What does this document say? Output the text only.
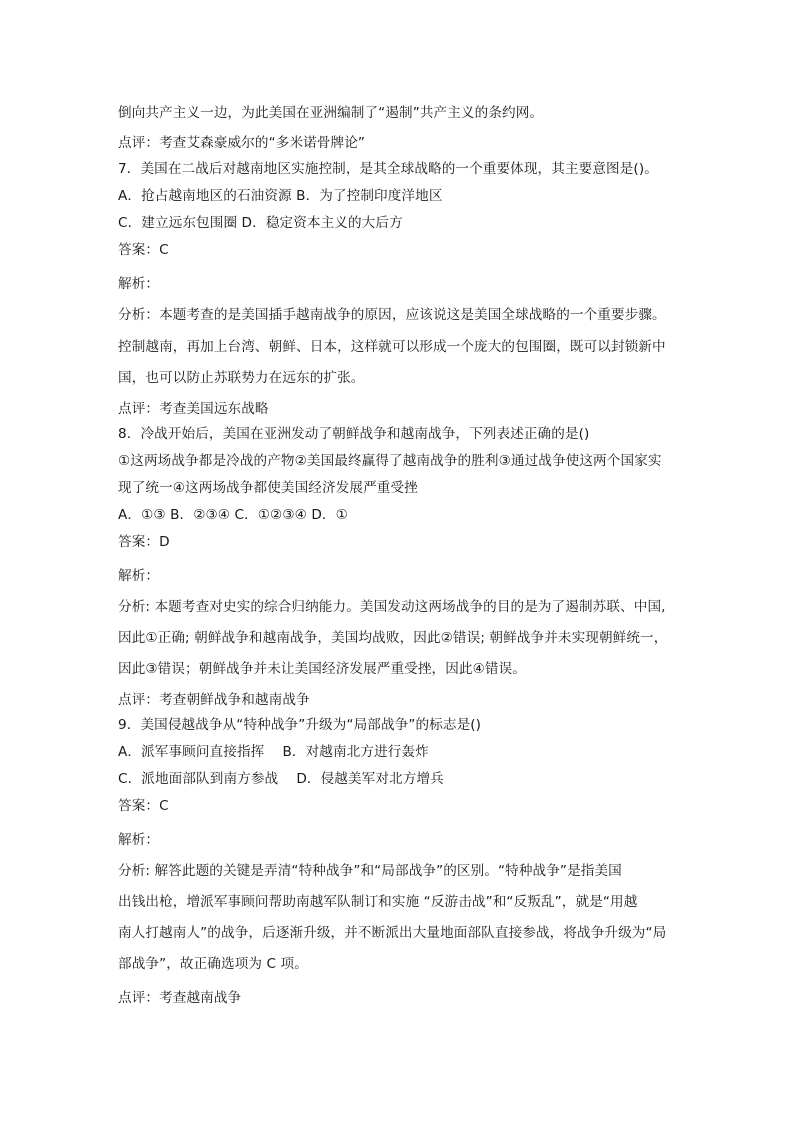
倒向共产主义一边，为此美国在亚洲编制了“遏制”共产主义的条约网。
点评：考查艾森豪威尔的“多米诺骨牌论”
7．美国在二战后对越南地区实施控制，是其全球战略的一个重要体现，其主要意图是()。
A．抢占越南地区的石油资源 B．为了控制印度洋地区
C．建立远东包围圈 D．稳定资本主义的大后方
答案：C
解析：
分析：本题考查的是美国插手越南战争的原因，应该说这是美国全球战略的一个重要步骤。
控制越南，再加上台湾、朝鲜、日本，这样就可以形成一个庞大的包围圈，既可以封锁新中
国，也可以防止苏联势力在远东的扩张。
点评：考查美国远东战略
8．冷战开始后，美国在亚洲发动了朝鲜战争和越南战争，下列表述正确的是()
①这两场战争都是冷战的产物②美国最终赢得了越南战争的胜利③通过战争使这两个国家实
现了统一④这两场战争都使美国经济发展严重受挫
A．①③ B．②③④ C．①②③④ D．①
答案：D
解析：
分析: 本题考查对史实的综合归纳能力。美国发动这两场战争的目的是为了遏制苏联、中国,
因此①正确; 朝鲜战争和越南战争，美国均战败，因此②错误; 朝鲜战争并未实现朝鲜统一，
因此③错误；朝鲜战争并未让美国经济发展严重受挫，因此④错误。
点评：考查朝鲜战争和越南战争
9．美国侵越战争从“特种战争”升级为“局部战争”的标志是()
A．派军事顾问直接指挥　 B．对越南北方进行轰炸
C．派地面部队到南方参战　 D．侵越美军对北方增兵
答案：C
解析：
分析: 解答此题的关键是弄清“特种战争”和“局部战争”的区别。“特种战争”是指美国
出钱出枪，增派军事顾问帮助南越军队制订和实施 “反游击战”和“反叛乱”，就是“用越
南人打越南人”的战争，后逐渐升级，并不断派出大量地面部队直接参战，将战争升级为“局
部战争”，故正确选项为 C 项。
点评：考查越南战争
